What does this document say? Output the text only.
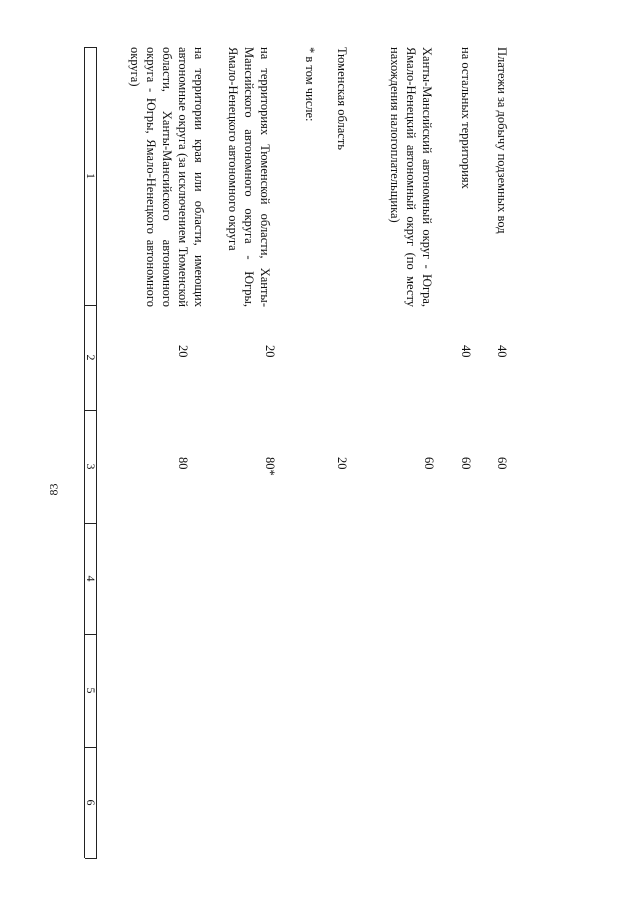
83
1
2
3
4
5
6
на территории края или области, имеющих автономные округа (за исключением Тюменской области, Ханты-Мансийского автономного округа - Югры, Ямало-Ненецкого автономного округа)
20
80
на территориях Тюменской области, Ханты-Мансийского автономного округа - Югры, Ямало-Ненецкого автономного округа
20
80*
* в том числе: Тюменская область
20
Ханты-Мансийский автономный округ - Югра, Ямало-Ненецкий автономный округ (по месту нахождения налогоплательщика)
60
на остальных территориях
40
60
Платежи за добычу подземных вод
40
60
